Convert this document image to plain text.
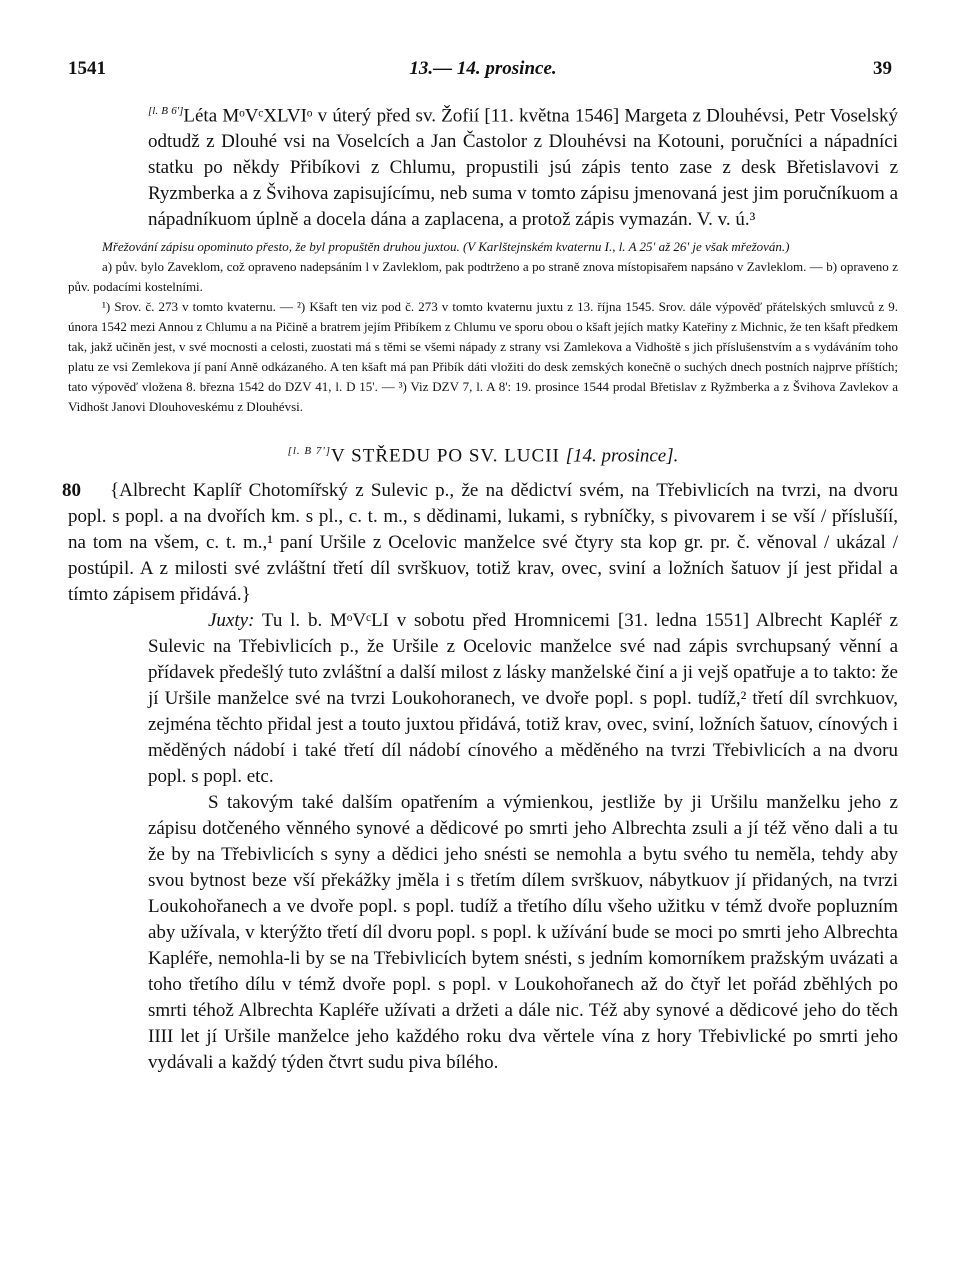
1541	13.— 14. prosince.	39
[l. B 6']Léta MᵒVᶜXLVIᵒ v úterý před sv. Žofií [11. května 1546] Margeta z Dlouhévsi, Petr Voselský odtudž z Dlouhé vsi na Voselcích a Jan Častolor z Dlouhévsi na Kotouni, poručníci a nápadníci statku po někdy Přibíkovi z Chlumu, propustili jsú zápis tento zase z desk Břetislavovi z Ryzmberka a z Švihova zapisujícímu, neb suma v tomto zápisu jmenovaná jest jim poručníkuom a nápadníkuom úplně a docela dána a zaplacena, a protož zápis vymazán. V. v. ú.³

Mřežování zápisu opominuto přesto, že byl propuštěn druhou juxtou. (V Karlštejnském kvaternu I., l. A 25' až 26' je však mřežován.)

a) pův. bylo Zaveklom, což opraveno nadepsáním l v Zavleklom, pak podtrženo a po straně znova místopisařem napsáno v Zavleklom. — b) opraveno z pův. podacími kostelními.

¹) Srov. č. 273 v tomto kvaternu. — ²) Kšaft ten viz pod č. 273 v tomto kvaternu juxtu z 13. října 1545. Srov. dále výpověď přátelských smluvců z 9. února 1542 mezi Annou z Chlumu a na Pičině a bratrem jejím Přibíkem z Chlumu ve sporu obou o kšaft jejích matky Kateřiny z Michnic, že ten kšaft předkem tak, jakž učiněn jest, v své mocnosti a celosti, zuostati má s těmi se všemi nápady z strany vsi Zamlekova a Vidhoště s jich příslušenstvím a s vydáváním toho platu ze vsi Zemlekova jí paní Anně odkázaného. A ten kšaft má pan Přibík dáti vložiti do desk zemských konečně o suchých dnech postních najprve příštích; tato výpověď vložena 8. března 1542 do DZV 41, l. D 15'. — ³) Viz DZV 7, l. A 8': 19. prosince 1544 prodal Břetislav z Ryžmberka a z Švihova Zavlekov a Vidhošt Janovi Dlouhoveskému z Dlouhévsi.

[l. B 7']V STŘEDU PO SV. LUCII [14. prosince].
80	{Albrecht Kaplíř Chotomířský z Sulevic p., že na dědictví svém, na Třebivlicích na tvrzi, na dvoru popl. s popl. a na dvořích km. s pl., c. t. m., s dědinami, lukami, s rybníčky, s pivovarem i se vší / příslušíí, na tom na všem, c. t. m.,¹ paní Uršile z Ocelovic manželce své čtyry sta kop gr. pr. č. věnoval / ukázal / postúpil. A z milosti své zvláštní třetí díl svrškuov, totiž krav, ovec, sviní a ložních šatuov jí jest přidal a tímto zápisem přidává.}

Juxty: Tu l. b. MᵒVᶜLI v sobotu před Hromnicemi [31. ledna 1551] Albrecht Kapléř z Sulevic na Třebivlicích p., že Uršile z Ocelovic manželce své nad zápis svrchupsaný věnní a přídavek předešlý tuto zvláštní a další milost z lásky manželské činí a ji vejš opatřuje a to takto: že jí Uršile manželce své na tvrzi Loukohoranech, ve dvoře popl. s popl. tudíž,² třetí díl svrchkuov, zejména těchto přidal jest a touto juxtou přidává, totiž krav, ovec, sviní, ložních šatuov, cínových i měděných nádobí i také třetí díl nádobí cínového a měděného na tvrzi Třebivlicích a na dvoru popl. s popl. etc.

S takovým také dalším opatřením a výmienkou, jestliže by ji Uršilu manželku jeho z zápisu dotčeného věnného synové a dědicové po smrti jeho Albrechta zsuli a jí též věno dali a tu že by na Třebivlicích s syny a dědici jeho snésti se nemohla a bytu svého tu neměla, tehdy aby svou bytnost beze vší překážky jměla i s třetím dílem svrškuov, nábytkuov jí přidaných, na tvrzi Loukohořanech a ve dvoře popl. s popl. tudíž a třetího dílu všeho užitku v témž dvoře popluzním aby užívala, v kterýžto třetí díl dvoru popl. s popl. k užívání bude se moci po smrti jeho Albrechta Kapléře, nemohla-li by se na Třebivlicích bytem snésti, s jedním komorníkem pražským uvázati a toho třetího dílu v témž dvoře popl. s popl. v Loukohořanech až do čtyř let pořád zběhlých po smrti téhož Albrechta Kapléře užívati a držeti a dále nic. Též aby synové a dědicové jeho do těch IIII let jí Uršile manželce jeho každého roku dva věrtele vína z hory Třebivlické po smrti jeho vydávali a každý týden čtvrt sudu piva bílého.
